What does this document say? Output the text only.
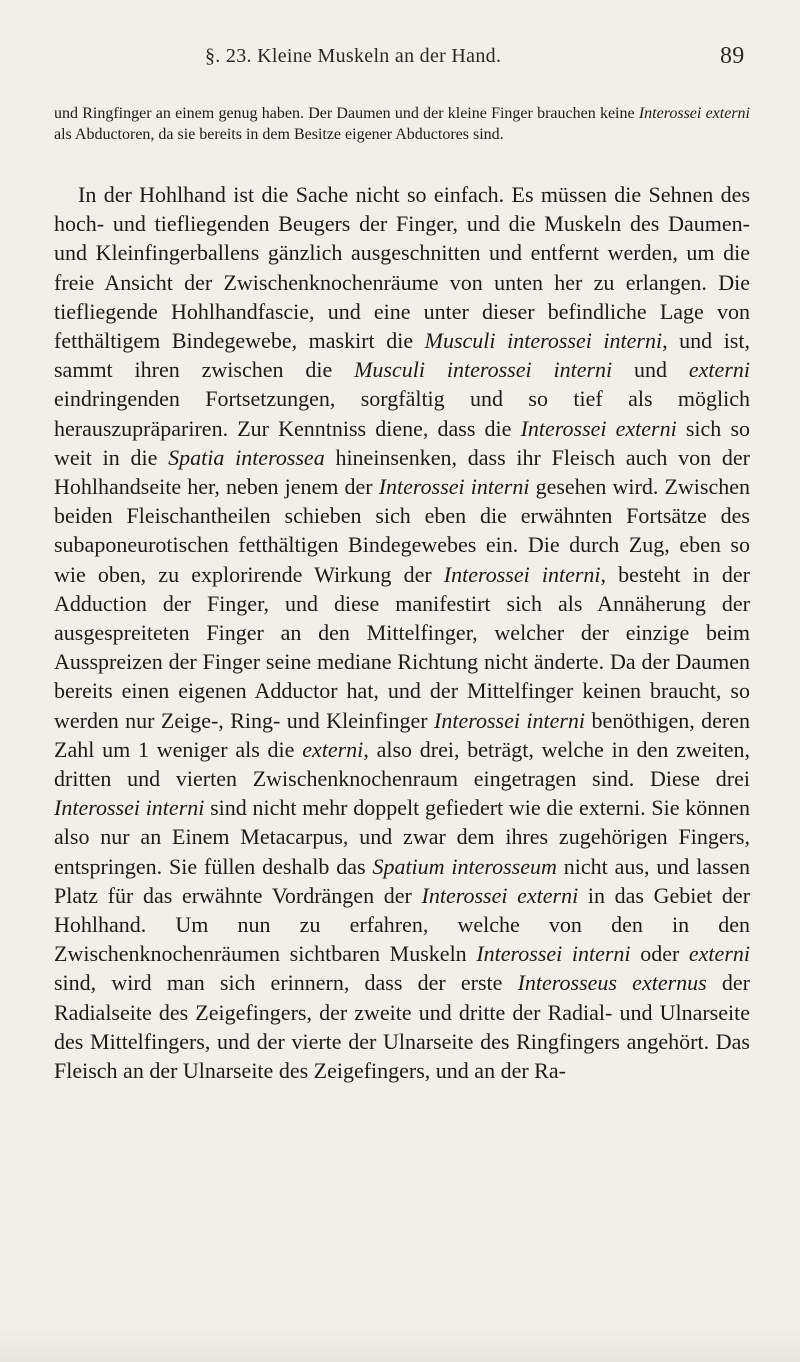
§. 23. Kleine Muskeln an der Hand.	89

und Ringfinger an einem genug haben. Der Daumen und der kleine Finger brauchen keine Interossei externi als Abductoren, da sie bereits in dem Besitze eigener Abductores sind.

In der Hohlhand ist die Sache nicht so einfach. Es müssen die Sehnen des hoch- und tiefliegenden Beugers der Finger, und die Muskeln des Daumen- und Kleinfingerballens gänzlich ausgeschnitten und entfernt werden, um die freie Ansicht der Zwischenknochenräume von unten her zu erlangen. Die tiefliegende Hohlhandfascie, und eine unter dieser befindliche Lage von fetthältigem Bindegewebe, maskirt die Musculi interossei interni, und ist, sammt ihren zwischen die Musculi interossei interni und externi eindringenden Fortsetzungen, sorgfältig und so tief als möglich herauszupräpariren. Zur Kenntniss diene, dass die Interossei externi sich so weit in die Spatia interossea hineinsenken, dass ihr Fleisch auch von der Hohlhandseite her, neben jenem der Interossei interni gesehen wird. Zwischen beiden Fleischantheilen schieben sich eben die erwähnten Fortsätze des subaponeurotischen fetthältigen Bindegewebes ein. Die durch Zug, eben so wie oben, zu explorirende Wirkung der Interossei interni, besteht in der Adduction der Finger, und diese manifestirt sich als Annäherung der ausgespreiteten Finger an den Mittelfinger, welcher der einzige beim Ausspreizen der Finger seine mediane Richtung nicht änderte. Da der Daumen bereits einen eigenen Adductor hat, und der Mittelfinger keinen braucht, so werden nur Zeige-, Ring- und Kleinfinger Interossei interni benöthigen, deren Zahl um 1 weniger als die externi, also drei, beträgt, welche in den zweiten, dritten und vierten Zwischenknochenraum eingetragen sind. Diese drei Interossei interni sind nicht mehr doppelt gefiedert wie die externi. Sie können also nur an Einem Metacarpus, und zwar dem ihres zugehörigen Fingers, entspringen. Sie füllen deshalb das Spatium interosseum nicht aus, und lassen Platz für das erwähnte Vordrängen der Interossei externi in das Gebiet der Hohlhand. Um nun zu erfahren, welche von den in den Zwischenknochenräumen sichtbaren Muskeln Interossei interni oder externi sind, wird man sich erinnern, dass der erste Interosseus externus der Radialseite des Zeigefingers, der zweite und dritte der Radial- und Ulnarseite des Mittelfingers, und der vierte der Ulnarseite des Ringfingers angehört. Das Fleisch an der Ulnarseite des Zeigefingers, und an der Ra-
